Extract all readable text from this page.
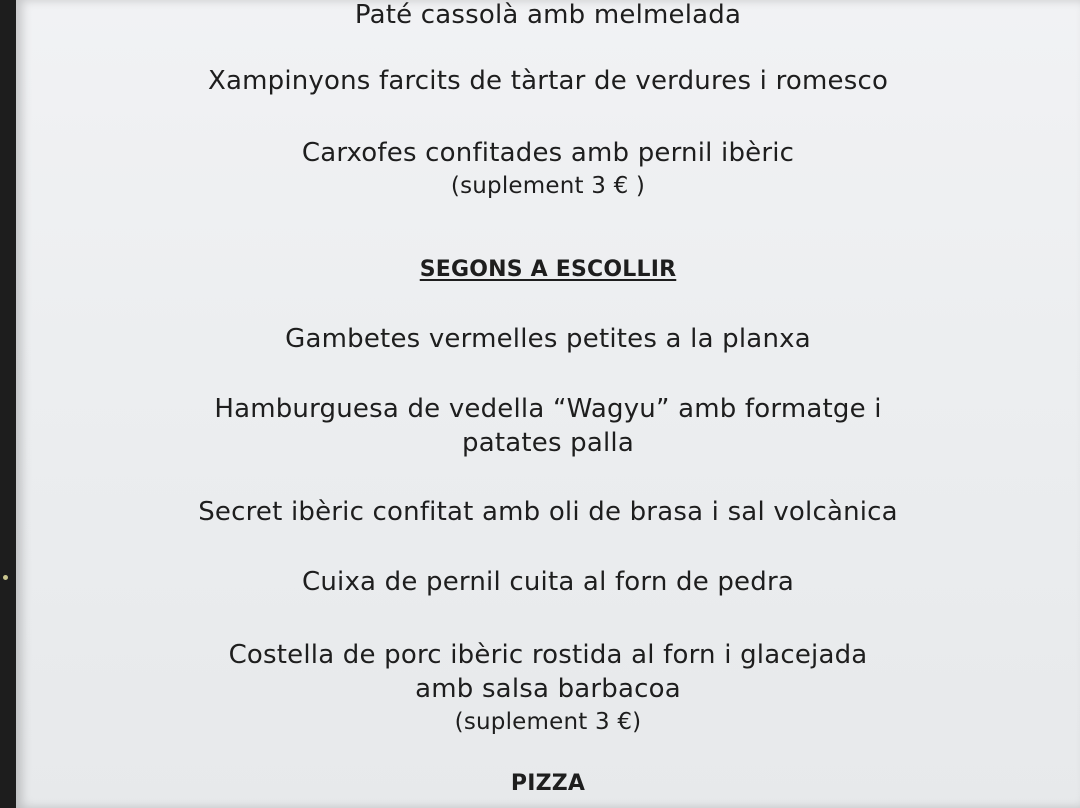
Paté cassolà amb melmelada
Xampinyons farcits de tàrtar de verdures i romesco
Carxofes confitades amb pernil ibèric
(suplement 3 € )
SEGONS A ESCOLLIR
Gambetes vermelles petites a la planxa
Hamburguesa de vedella “Wagyu” amb formatge i
patates palla
Secret ibèric confitat amb oli de brasa i sal volcànica
Cuixa de pernil cuita al forn de pedra
Costella de porc ibèric rostida al forn i glacejada
amb salsa barbacoa
(suplement 3 €)
PIZZA
